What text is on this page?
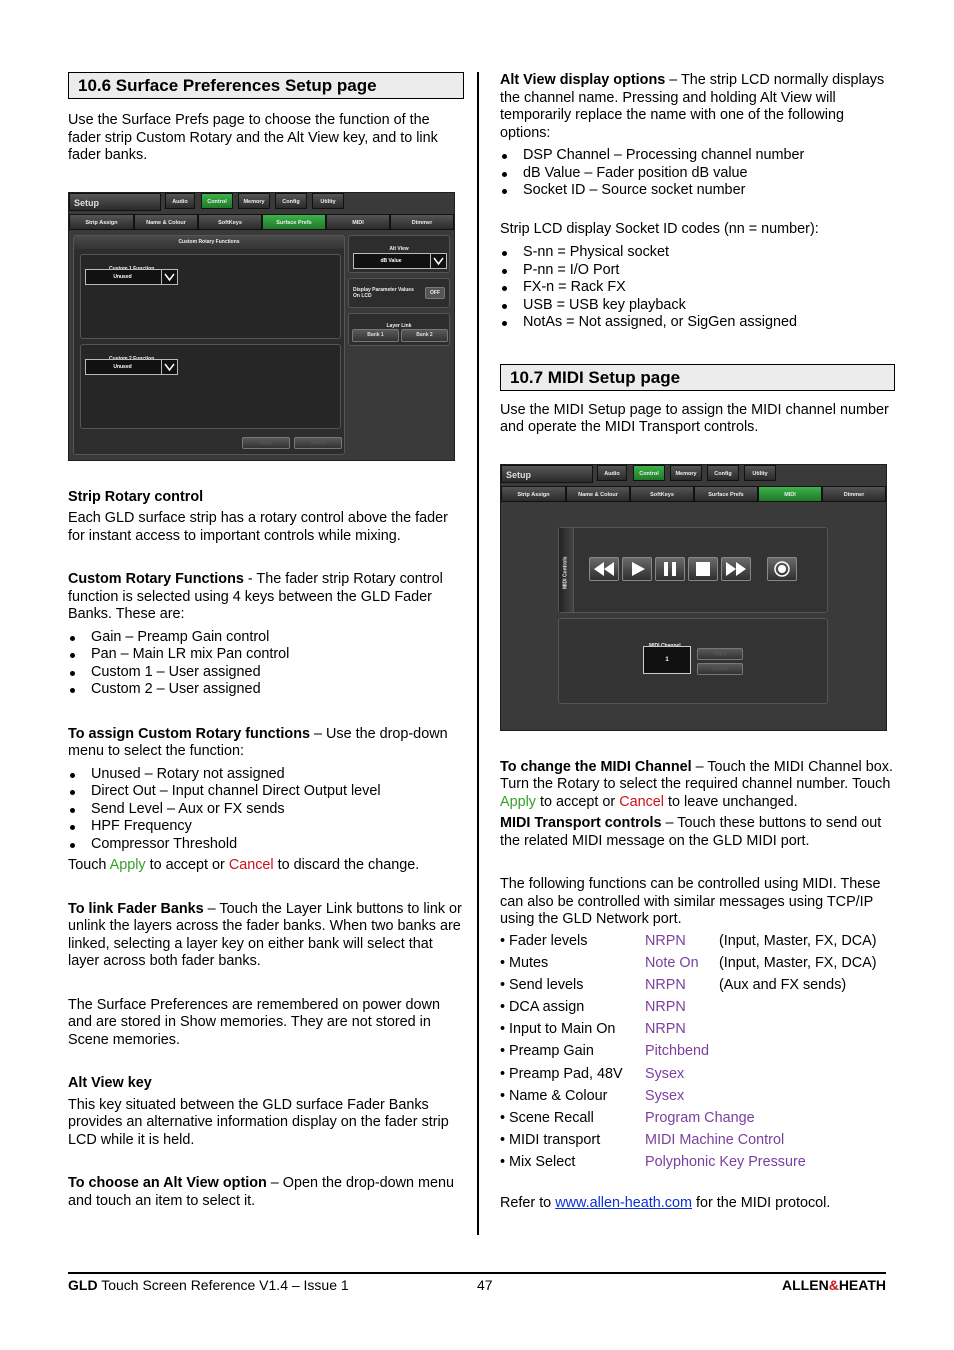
10.6 Surface Preferences Setup page

Use the Surface Prefs page to choose the function of the fader strip Custom Rotary and the Alt View key, and to link fader banks.

Setup	Audio	Control	Memory	Config	Utility
Strip Assign	Name & Colour	SoftKeys	Surface Prefs	MIDI	Dimmer
Custom Rotary Functions
Unused
Unused
Apply	Cancel
Alt View
dB Value
Display Parameter Values On LCD	OFF
Layer Link
Bank 1	Bank 2

Strip Rotary control

Each GLD surface strip has a rotary control above the fader for instant access to important controls while mixing.

Custom Rotary Functions - The fader strip Rotary control function is selected using 4 keys between the GLD Fader Banks. These are:

Gain – Preamp Gain control
Pan – Main LR mix Pan control
Custom 1 – User assigned
Custom 2 – User assigned

To assign Custom Rotary functions – Use the drop-down menu to select the function:

Unused – Rotary not assigned
Direct Out – Input channel Direct Output level
Send Level – Aux or FX sends
HPF Frequency
Compressor Threshold

Touch Apply to accept or Cancel to discard the change.

To link Fader Banks – Touch the Layer Link buttons to link or unlink the layers across the fader banks. When two banks are linked, selecting a layer key on either bank will select that layer across both fader banks.

The Surface Preferences are remembered on power down and are stored in Show memories. They are not stored in Scene memories.

Alt View key

This key situated between the GLD surface Fader Banks provides an alternative information display on the fader strip LCD while it is held.

To choose an Alt View option – Open the drop-down menu and touch an item to select it.

Alt View display options – The strip LCD normally displays the channel name. Pressing and holding Alt View will temporarily replace the name with one of the following options:

DSP Channel – Processing channel number
dB Value – Fader position dB value
Socket ID – Source socket number

Strip LCD display Socket ID codes (nn = number):

S-nn = Physical socket
P-nn = I/O Port
FX-n = Rack FX
USB = USB key playback
NotAs = Not assigned, or SigGen assigned
10.7 MIDI Setup page

Use the MIDI Setup page to assign the MIDI channel number and operate the MIDI Transport controls.

Setup	Audio	Control	Memory	Config	Utility
Strip Assign	Name & Colour	SoftKeys	Surface Prefs	MIDI	Dimmer
MIDI Controls
1
Apply
Cancel

To change the MIDI Channel – Touch the MIDI Channel box. Turn the Rotary to select the required channel number. Touch Apply to accept or Cancel to leave unchanged.

MIDI Transport controls – Touch these buttons to send out the related MIDI message on the GLD MIDI port.

The following functions can be controlled using MIDI. These can also be controlled with similar messages using TCP/IP using the GLD Network port.

• Fader levels	NRPN	(Input, Master, FX, DCA)
• Mutes	Note On	(Input, Master, FX, DCA)
• Send levels	NRPN	(Aux and FX sends)
• DCA assign	NRPN
• Input to Main On	NRPN
• Preamp Gain	Pitchbend
• Preamp Pad, 48V	Sysex
• Name & Colour	Sysex
• Scene Recall	Program Change
• MIDI transport	MIDI Machine Control
• Mix Select	Polyphonic Key Pressure

Refer to www.allen-heath.com for the MIDI protocol.

GLD Touch Screen Reference V1.4 – Issue 1	47	ALLEN&HEATH
